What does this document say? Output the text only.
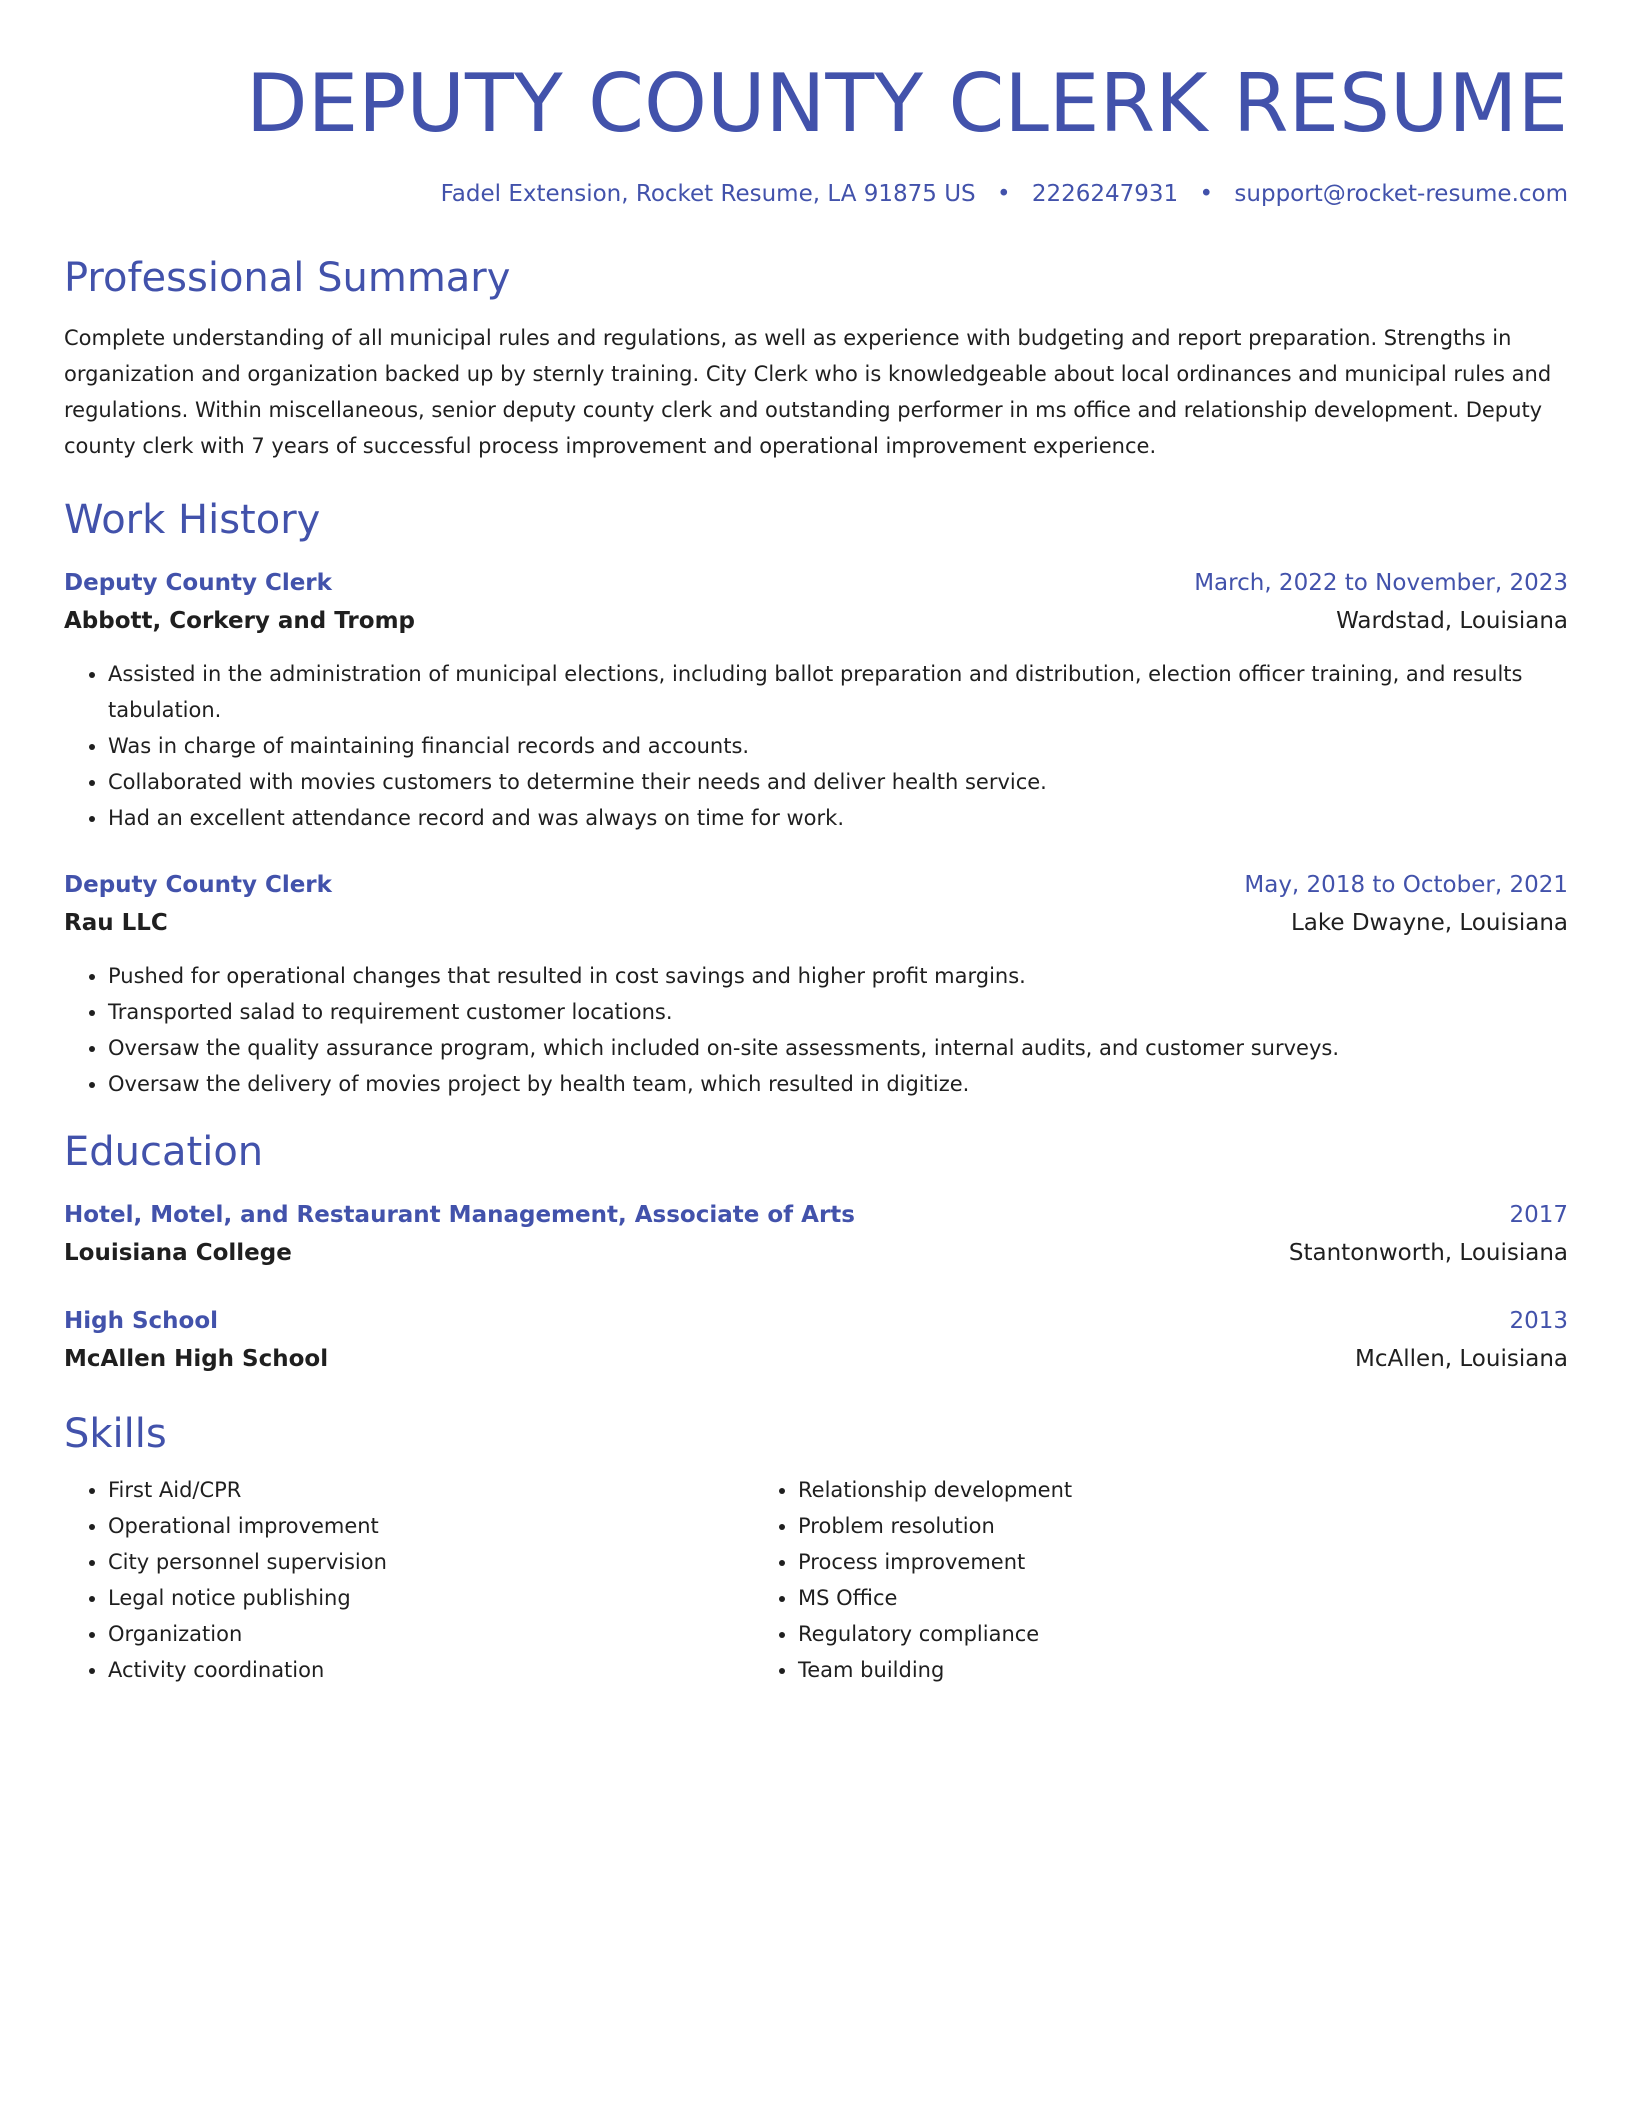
DEPUTY COUNTY CLERK RESUME
Fadel Extension, Rocket Resume, LA 91875 US • 2226247931 • support@rocket-resume.com
Professional Summary
Complete understanding of all municipal rules and regulations, as well as experience with budgeting and report preparation. Strengths in organization and organization backed up by sternly training. City Clerk who is knowledgeable about local ordinances and municipal rules and regulations. Within miscellaneous, senior deputy county clerk and outstanding performer in ms office and relationship development. Deputy county clerk with 7 years of successful process improvement and operational improvement experience.
Work History
Deputy County Clerk	March, 2022 to November, 2023
Abbott, Corkery and Tromp	Wardstad, Louisiana
• Assisted in the administration of municipal elections, including ballot preparation and distribution, election officer training, and results tabulation.
• Was in charge of maintaining financial records and accounts.
• Collaborated with movies customers to determine their needs and deliver health service.
• Had an excellent attendance record and was always on time for work.
Deputy County Clerk	May, 2018 to October, 2021
Rau LLC	Lake Dwayne, Louisiana
• Pushed for operational changes that resulted in cost savings and higher profit margins.
• Transported salad to requirement customer locations.
• Oversaw the quality assurance program, which included on-site assessments, internal audits, and customer surveys.
• Oversaw the delivery of movies project by health team, which resulted in digitize.
Education
Hotel, Motel, and Restaurant Management, Associate of Arts	2017
Louisiana College	Stantonworth, Louisiana
High School	2013
McAllen High School	McAllen, Louisiana
Skills
• First Aid/CPR
• Operational improvement
• City personnel supervision
• Legal notice publishing
• Organization
• Activity coordination
• Relationship development
• Problem resolution
• Process improvement
• MS Office
• Regulatory compliance
• Team building
